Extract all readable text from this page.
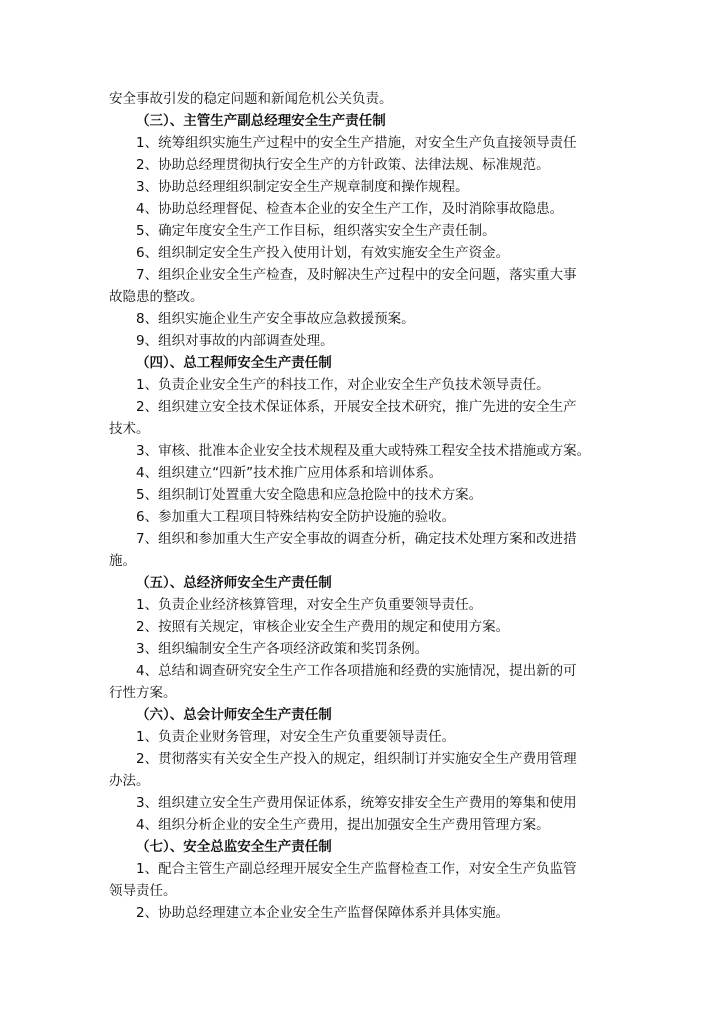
安全事故引发的稳定问题和新闻危机公关负责。
（三）、主管生产副总经理安全生产责任制
1、统筹组织实施生产过程中的安全生产措施，对安全生产负直接领导责任
2、协助总经理贯彻执行安全生产的方针政策、法律法规、标准规范。
3、协助总经理组织制定安全生产规章制度和操作规程。
4、协助总经理督促、检查本企业的安全生产工作，及时消除事故隐患。
5、确定年度安全生产工作目标，组织落实安全生产责任制。
6、组织制定安全生产投入使用计划，有效实施安全生产资金。
7、组织企业安全生产检查，及时解决生产过程中的安全问题，落实重大事
故隐患的整改。
8、组织实施企业生产安全事故应急救援预案。
9、组织对事故的内部调查处理。
（四）、总工程师安全生产责任制
1、负责企业安全生产的科技工作，对企业安全生产负技术领导责任。
2、组织建立安全技术保证体系，开展安全技术研究，推广先进的安全生产
技术。
3、审核、批准本企业安全技术规程及重大或特殊工程安全技术措施或方案。
4、组织建立“四新”技术推广应用体系和培训体系。
5、组织制订处置重大安全隐患和应急抢险中的技术方案。
6、参加重大工程项目特殊结构安全防护设施的验收。
7、组织和参加重大生产安全事故的调查分析，确定技术处理方案和改进措
施。
（五）、总经济师安全生产责任制
1、负责企业经济核算管理，对安全生产负重要领导责任。
2、按照有关规定，审核企业安全生产费用的规定和使用方案。
3、组织编制安全生产各项经济政策和奖罚条例。
4、总结和调查研究安全生产工作各项措施和经费的实施情况，提出新的可
行性方案。
（六）、总会计师安全生产责任制
1、负责企业财务管理，对安全生产负重要领导责任。
2、贯彻落实有关安全生产投入的规定，组织制订并实施安全生产费用管理
办法。
3、组织建立安全生产费用保证体系，统筹安排安全生产费用的筹集和使用
4、组织分析企业的安全生产费用，提出加强安全生产费用管理方案。
（七）、安全总监安全生产责任制
1、配合主管生产副总经理开展安全生产监督检查工作，对安全生产负监管
领导责任。
2、协助总经理建立本企业安全生产监督保障体系并具体实施。
